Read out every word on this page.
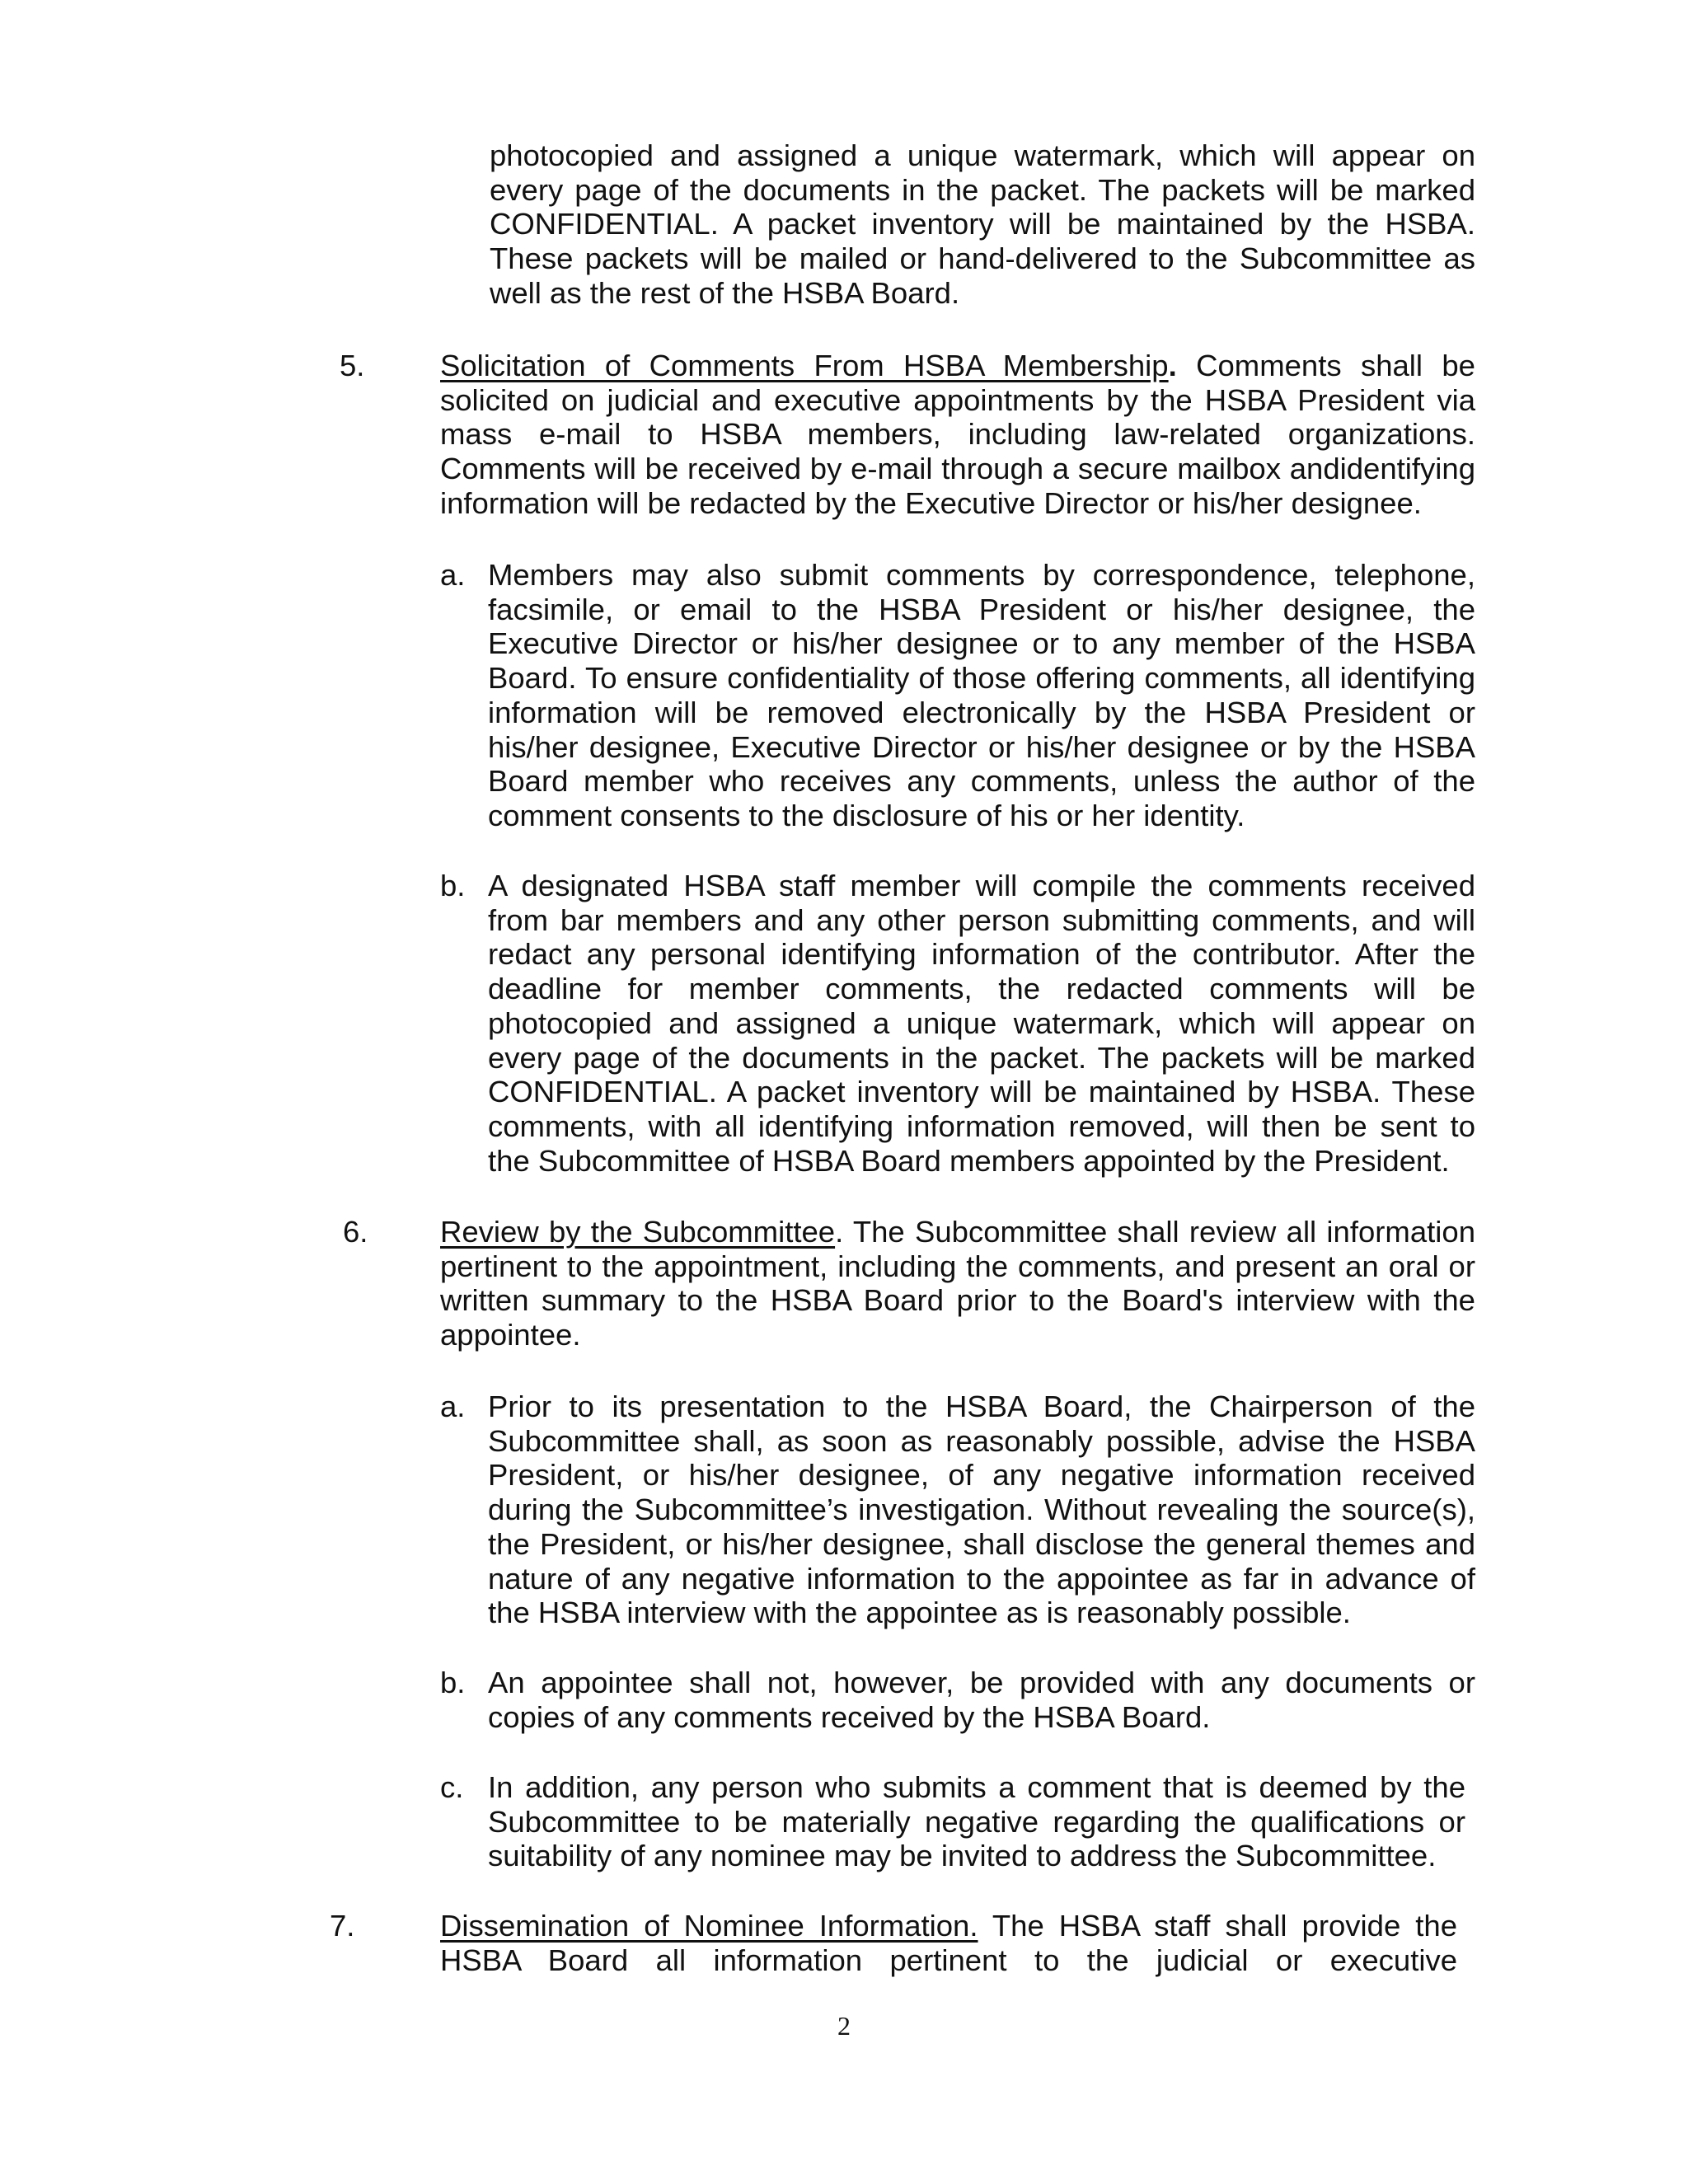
photocopied and assigned a unique watermark, which will appear on every page of the documents in the packet. The packets will be marked CONFIDENTIAL. A packet inventory will be maintained by the HSBA. These packets will be mailed or hand-delivered to the Subcommittee as well as the rest of the HSBA Board.

5.	Solicitation of Comments From HSBA Membership. Comments shall be solicited on judicial and executive appointments by the HSBA President via mass e-mail to HSBA members, including law-related organizations. Comments will be received by e-mail through a secure mailbox andidentifying information will be redacted by the Executive Director or his/her designee.

a. Members may also submit comments by correspondence, telephone, facsimile, or email to the HSBA President or his/her designee, the Executive Director or his/her designee or to any member of the HSBA Board. To ensure confidentiality of those offering comments, all identifying information will be removed electronically by the HSBA President or his/her designee, Executive Director or his/her designee or by the HSBA Board member who receives any comments, unless the author of the comment consents to the disclosure of his or her identity.
b. A designated HSBA staff member will compile the comments received from bar members and any other person submitting comments, and will redact any personal identifying information of the contributor. After the deadline for member comments, the redacted comments will be photocopied and assigned a unique watermark, which will appear on every page of the documents in the packet. The packets will be marked CONFIDENTIAL. A packet inventory will be maintained by HSBA. These comments, with all identifying information removed, will then be sent to the Subcommittee of HSBA Board members appointed by the President.
6. Review by the Subcommittee. The Subcommittee shall review all information pertinent to the appointment, including the comments, and present an oral or written summary to the HSBA Board prior to the Board's interview with the appointee.

a. Prior to its presentation to the HSBA Board, the Chairperson of the Subcommittee shall, as soon as reasonably possible, advise the HSBA President, or his/her designee, of any negative information received during the Subcommittee’s investigation. Without revealing the source(s), the President, or his/her designee, shall disclose the general themes and nature of any negative information to the appointee as far in advance of the HSBA interview with the appointee as is reasonably possible.
b. An appointee shall not, however, be provided with any documents or copies of any comments received by the HSBA Board.
c. In addition, any person who submits a comment that is deemed by the Subcommittee to be materially negative regarding the qualifications or suitability of any nominee may be invited to address the Subcommittee.
7.	Dissemination of Nominee Information. The HSBA staff shall provide the HSBA Board all information pertinent to the judicial or executive

2
